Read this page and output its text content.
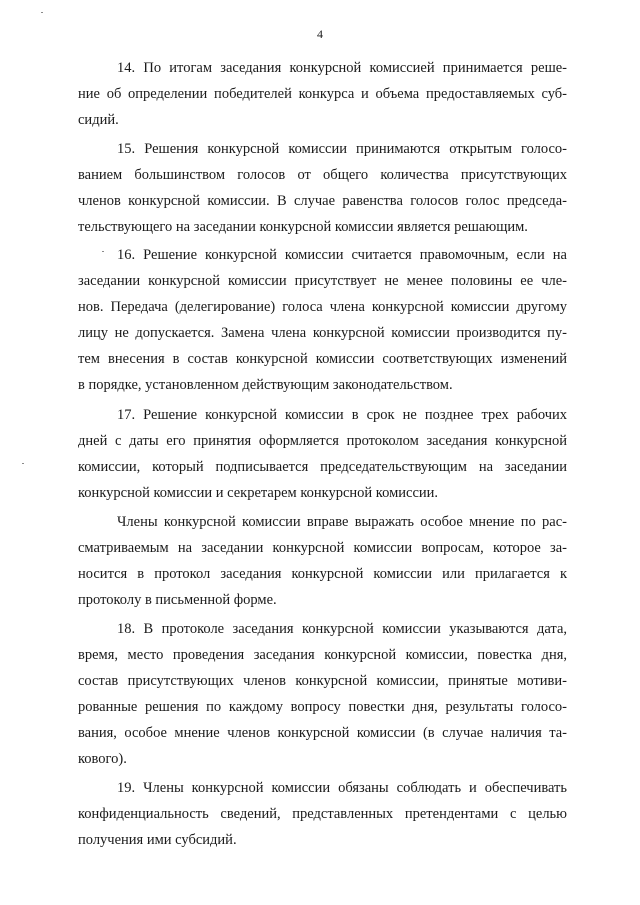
4
14. По итогам заседания конкурсной комиссией принимается реше-
ние об определении победителей конкурса и объема предоставляемых суб-
сидий.
15. Решения конкурсной комиссии принимаются открытым голосо-
ванием большинством голосов от общего количества присутствующих
членов конкурсной комиссии. В случае равенства голосов голос председа-
тельствующего на заседании конкурсной комиссии является решающим.
16. Решение конкурсной комиссии считается правомочным, если на
заседании конкурсной комиссии присутствует не менее половины ее чле-
нов. Передача (делегирование) голоса члена конкурсной комиссии другому
лицу не допускается. Замена члена конкурсной комиссии производится пу-
тем внесения в состав конкурсной комиссии соответствующих изменений
в порядке, установленном действующим законодательством.
17. Решение конкурсной комиссии в срок не позднее трех рабочих
дней с даты его принятия оформляется протоколом заседания конкурсной
комиссии, который подписывается председательствующим на заседании
конкурсной комиссии и секретарем конкурсной комиссии.
Члены конкурсной комиссии вправе выражать особое мнение по рас-
сматриваемым на заседании конкурсной комиссии вопросам, которое за-
носится в протокол заседания конкурсной комиссии или прилагается к
протоколу в письменной форме.
18. В протоколе заседания конкурсной комиссии указываются дата,
время, место проведения заседания конкурсной комиссии, повестка дня,
состав присутствующих членов конкурсной комиссии, принятые мотиви-
рованные решения по каждому вопросу повестки дня, результаты голосо-
вания, особое мнение членов конкурсной комиссии (в случае наличия та-
кового).
19. Члены конкурсной комиссии обязаны соблюдать и обеспечивать
конфиденциальность сведений, представленных претендентами с целью
получения ими субсидий.
